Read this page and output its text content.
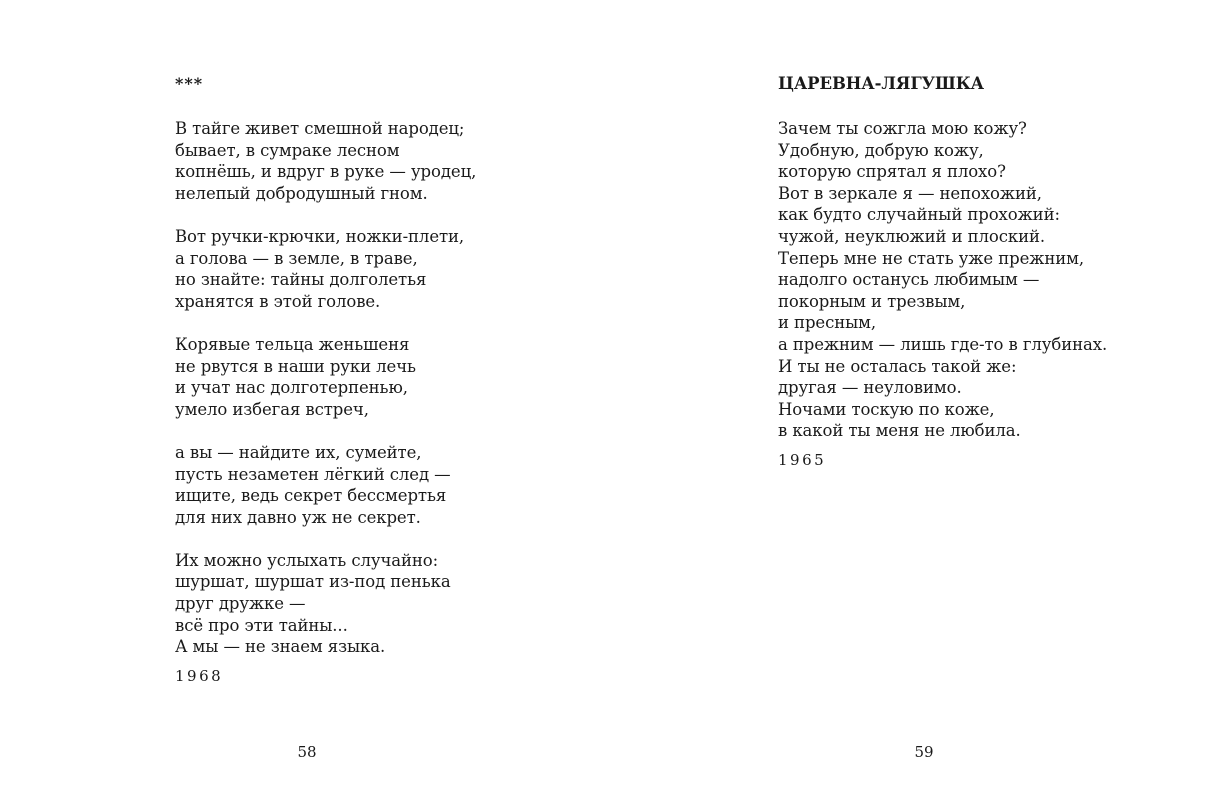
***
В тайге живет смешной народец;
бывает, в сумраке лесном
копнёшь, и вдруг в руке — уродец,
нелепый добродушный гном.
Вот ручки-крючки, ножки-плети,
а голова — в земле, в траве,
но знайте: тайны долголетья
хранятся в этой голове.
Корявые тельца женьшеня
не рвутся в наши руки лечь
и учат нас долготерпенью,
умело избегая встреч,
а вы — найдите их, сумейте,
пусть незаметен лёгкий след —
ищите, ведь секрет бессмертья
для них давно уж не секрет.
Их можно услыхать случайно:
шуршат, шуршат из-под пенька
друг дружке —
всё про эти тайны...
А мы — не знаем языка.
1968
58
ЦАРЕВНА-ЛЯГУШКА
Зачем ты сожгла мою кожу?
Удобную, добрую кожу,
которую спрятал я плохо?
Вот в зеркале я — непохожий,
как будто случайный прохожий:
чужой, неуклюжий и плоский.
Теперь мне не стать уже прежним,
надолго останусь любимым —
покорным и трезвым,
и пресным,
а прежним — лишь где-то в глубинах.
И ты не осталась такой же:
другая — неуловимо.
Ночами тоскую по коже,
в какой ты меня не любила.
1965
59
